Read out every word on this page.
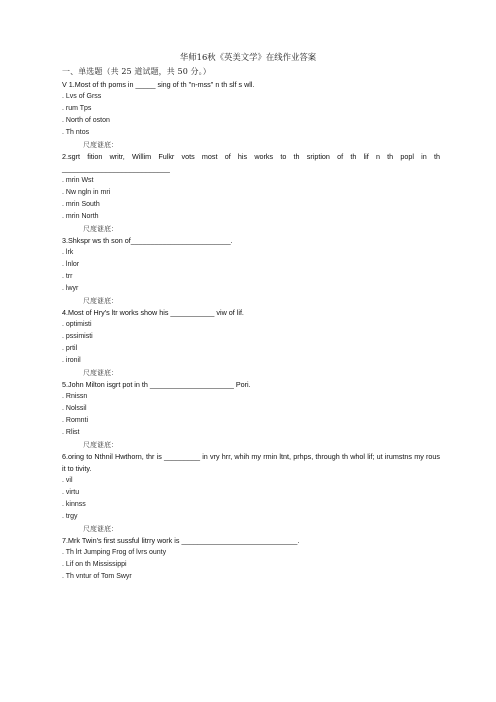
华师16秋《英美文学》在线作业答案
一、单选题（共 25 道试题，共 50 分。）

V 1.Most of th poms in _____ sing of th "n-mss" n th slf s wll.

. Lvs of Grss

. rum Tps

. North of oston

. Th ntos

尺度谜底：

2.sgrt fition writr, Willim Fulkr vots most of his works to th sription of th lif n th popl in th ___________________________

. mrin Wst

. Nw ngln in mri

. mrin South

. mrin North

尺度谜底：

3.Shkspr ws th son of_________________________.

. lrk

. lnlor

. trr

. lwyr

尺度谜底：

4.Most of Hry's ltr works show his ___________ viw of lif.

. optimisti

. pssimisti

. prtil

. ironil

尺度谜底：

5.John Milton isgrt pot in th _____________________ Pori.

. Rnissn

. Nolssil

. Romnti

. Rlist

尺度谜底：

6.oring to Nthnil Hwthorn, thr is _________ in vry hrr, whih my rmin ltnt, prhps, through th whol lif; ut irumstns my rous it to tivity.

. vil

. virtu

. kinnss

. trgy

尺度谜底：

7.Mrk Twin's first sussful litrry work is _____________________________.

. Th lrt Jumping Frog of lvrs ounty

. Lif on th Mississippi

. Th vntur of Tom Swyr
